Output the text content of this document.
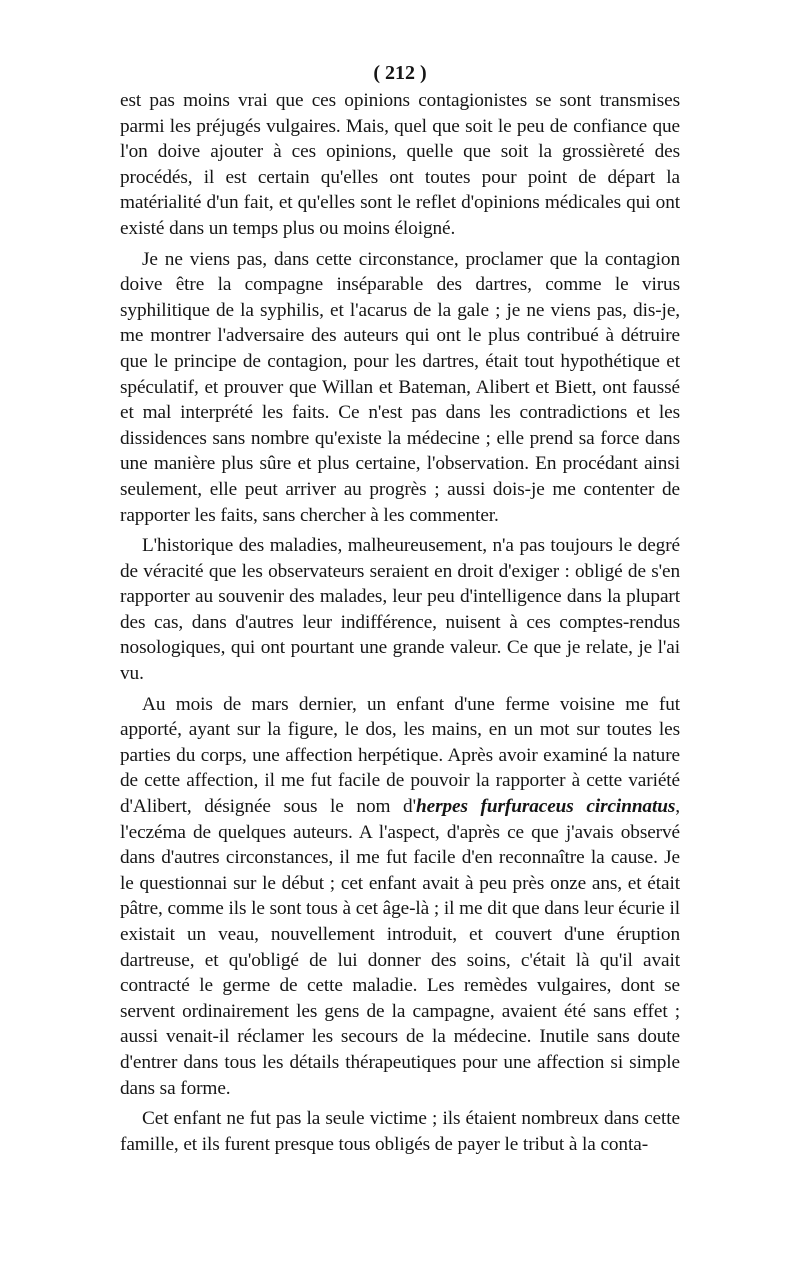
( 212 )

est pas moins vrai que ces opinions contagionistes se sont transmises parmi les préjugés vulgaires. Mais, quel que soit le peu de confiance que l'on doive ajouter à ces opinions, quelle que soit la grossièreté des procédés, il est certain qu'elles ont toutes pour point de départ la matérialité d'un fait, et qu'elles sont le reflet d'opinions médicales qui ont existé dans un temps plus ou moins éloigné.

Je ne viens pas, dans cette circonstance, proclamer que la contagion doive être la compagne inséparable des dartres, comme le virus syphilitique de la syphilis, et l'acarus de la gale ; je ne viens pas, dis-je, me montrer l'adversaire des auteurs qui ont le plus contribué à détruire que le principe de contagion, pour les dartres, était tout hypothétique et spéculatif, et prouver que Willan et Bateman, Alibert et Biett, ont faussé et mal interprété les faits. Ce n'est pas dans les contradictions et les dissidences sans nombre qu'existe la médecine ; elle prend sa force dans une manière plus sûre et plus certaine, l'observation. En procédant ainsi seulement, elle peut arriver au progrès ; aussi dois-je me contenter de rapporter les faits, sans chercher à les commenter.

L'historique des maladies, malheureusement, n'a pas toujours le degré de véracité que les observateurs seraient en droit d'exiger : obligé de s'en rapporter au souvenir des malades, leur peu d'intelligence dans la plupart des cas, dans d'autres leur indifférence, nuisent à ces comptes-rendus nosologiques, qui ont pourtant une grande valeur. Ce que je relate, je l'ai vu.

Au mois de mars dernier, un enfant d'une ferme voisine me fut apporté, ayant sur la figure, le dos, les mains, en un mot sur toutes les parties du corps, une affection herpétique. Après avoir examiné la nature de cette affection, il me fut facile de pouvoir la rapporter à cette variété d'Alibert, désignée sous le nom d'herpes furfuraceus circinnatus, l'eczéma de quelques auteurs. A l'aspect, d'après ce que j'avais observé dans d'autres circonstances, il me fut facile d'en reconnaître la cause. Je le questionnai sur le début ; cet enfant avait à peu près onze ans, et était pâtre, comme ils le sont tous à cet âge-là ; il me dit que dans leur écurie il existait un veau, nouvellement introduit, et couvert d'une éruption dartreuse, et qu'obligé de lui donner des soins, c'était là qu'il avait contracté le germe de cette maladie. Les remèdes vulgaires, dont se servent ordinairement les gens de la campagne, avaient été sans effet ; aussi venait-il réclamer les secours de la médecine. Inutile sans doute d'entrer dans tous les détails thérapeutiques pour une affection si simple dans sa forme.

Cet enfant ne fut pas la seule victime ; ils étaient nombreux dans cette famille, et ils furent presque tous obligés de payer le tribut à la conta-
